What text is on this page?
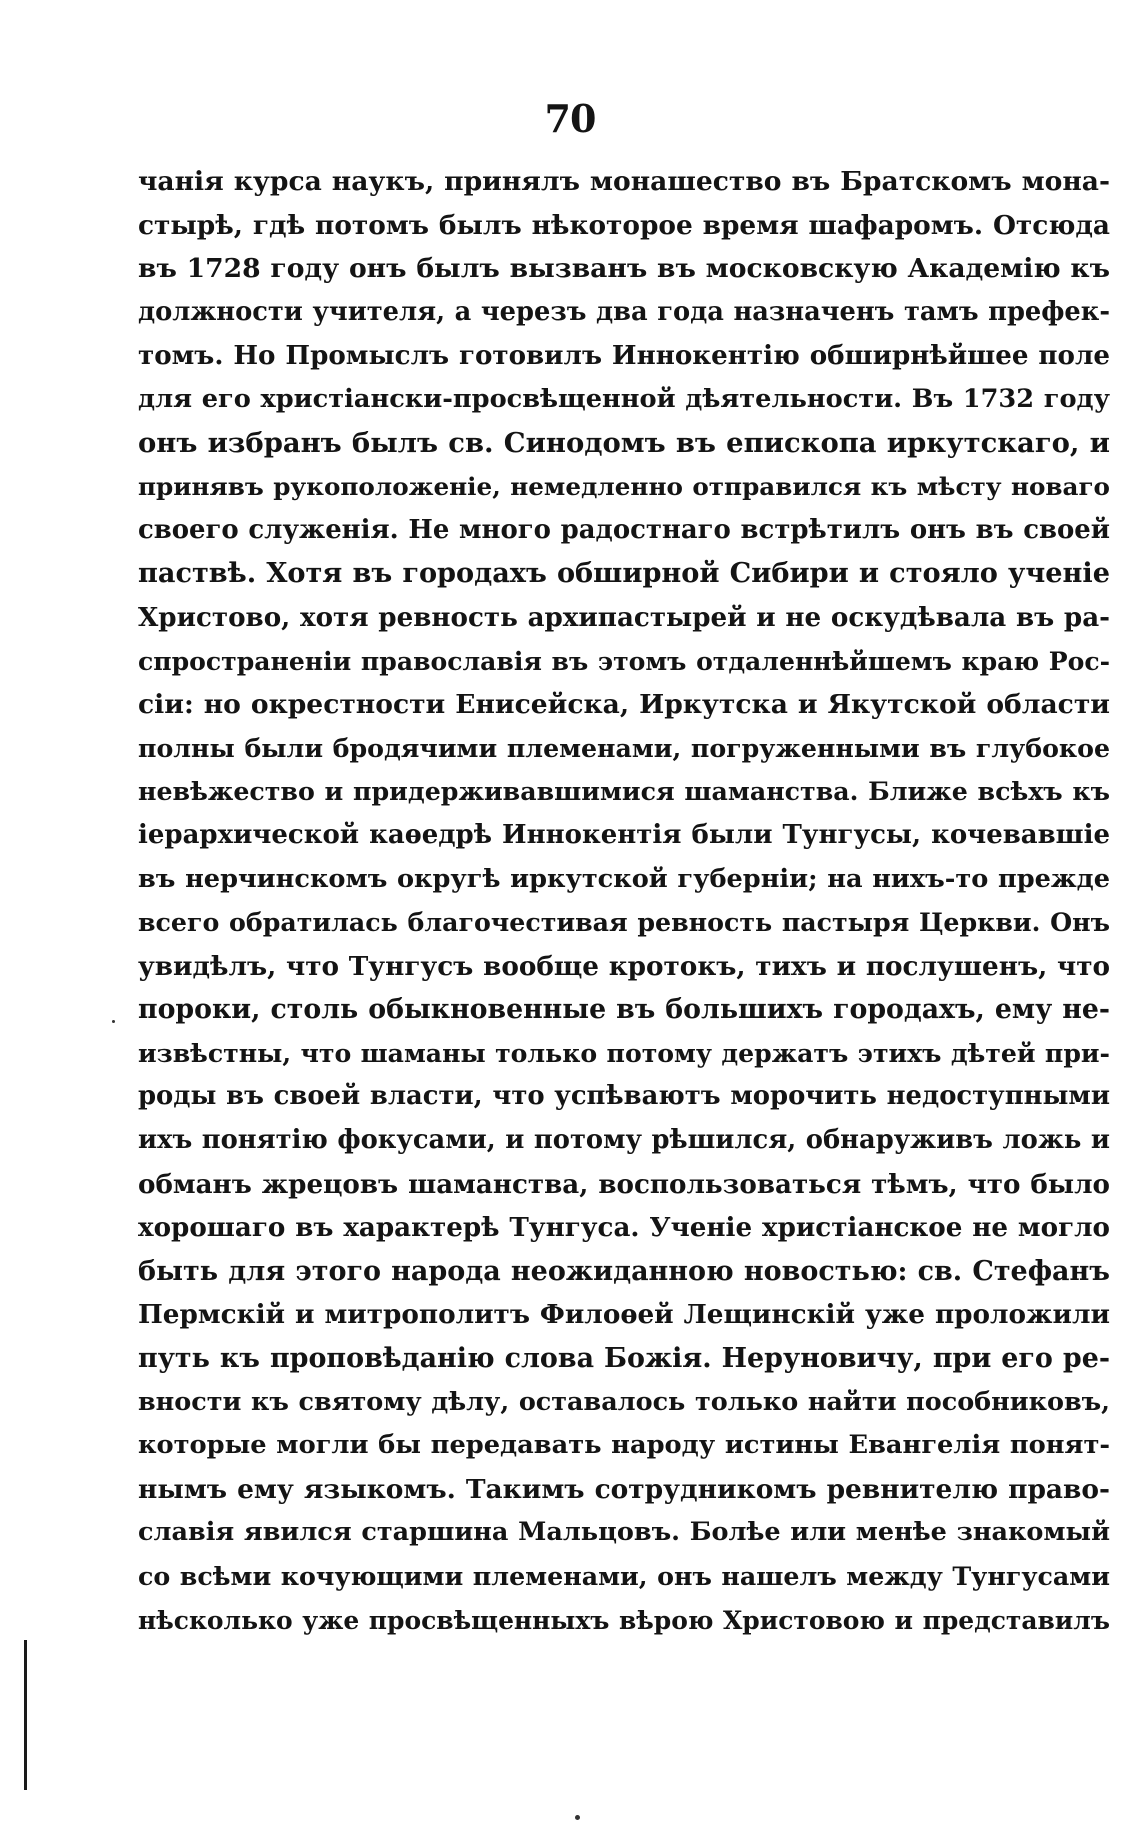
70
чанія курса наукъ, принялъ монашество въ Братскомъ мона-
стырѣ, гдѣ потомъ былъ нѣкоторое время шафаромъ. Отсюда
въ 1728 году онъ былъ вызванъ въ московскую Академію къ
должности учителя, а черезъ два года назначенъ тамъ префек-
томъ. Но Промыслъ готовилъ Иннокентію обширнѣйшее поле
для его христіански-просвѣщенной дѣятельности. Въ 1732 году
онъ избранъ былъ св. Синодомъ въ епископа иркутскаго, и
принявъ рукоположеніе, немедленно отправился къ мѣсту новаго
своего служенія. Не много радостнаго встрѣтилъ онъ въ своей
паствѣ. Хотя въ городахъ обширной Сибири и стояло ученіе
Христово, хотя ревность архипастырей и не оскудѣвала въ ра-
спространеніи православія въ этомъ отдаленнѣйшемъ краю Рос-
сіи: но окрестности Енисейска, Иркутска и Якутской области
полны были бродячими племенами, погруженными въ глубокое
невѣжество и придерживавшимися шаманства. Ближе всѣхъ къ
іерархической каѳедрѣ Иннокентія были Тунгусы, кочевавшіе
въ нерчинскомъ округѣ иркутской губерніи; на нихъ-то прежде
всего обратилась благочестивая ревность пастыря Церкви. Онъ
увидѣлъ, что Тунгусъ вообще кротокъ, тихъ и послушенъ, что
пороки, столь обыкновенные въ большихъ городахъ, ему не-
извѣстны, что шаманы только потому держатъ этихъ дѣтей при-
роды въ своей власти, что успѣваютъ морочить недоступными
ихъ понятію фокусами, и потому рѣшился, обнаруживъ ложь и
обманъ жрецовъ шаманства, воспользоваться тѣмъ, что было
хорошаго въ характерѣ Тунгуса. Ученіе христіанское не могло
быть для этого народа неожиданною новостью: св. Стефанъ
Пермскій и митрополитъ Филоѳей Лещинскій уже проложили
путь къ проповѣданію слова Божія. Неруновичу, при его ре-
вности къ святому дѣлу, оставалось только найти пособниковъ,
которые могли бы передавать народу истины Евангелія понят-
нымъ ему языкомъ. Такимъ сотрудникомъ ревнителю право-
славія явился старшина Мальцовъ. Болѣе или менѣе знакомый
со всѣми кочующими племенами, онъ нашелъ между Тунгусами
нѣсколько уже просвѣщенныхъ вѣрою Христовою и представилъ
